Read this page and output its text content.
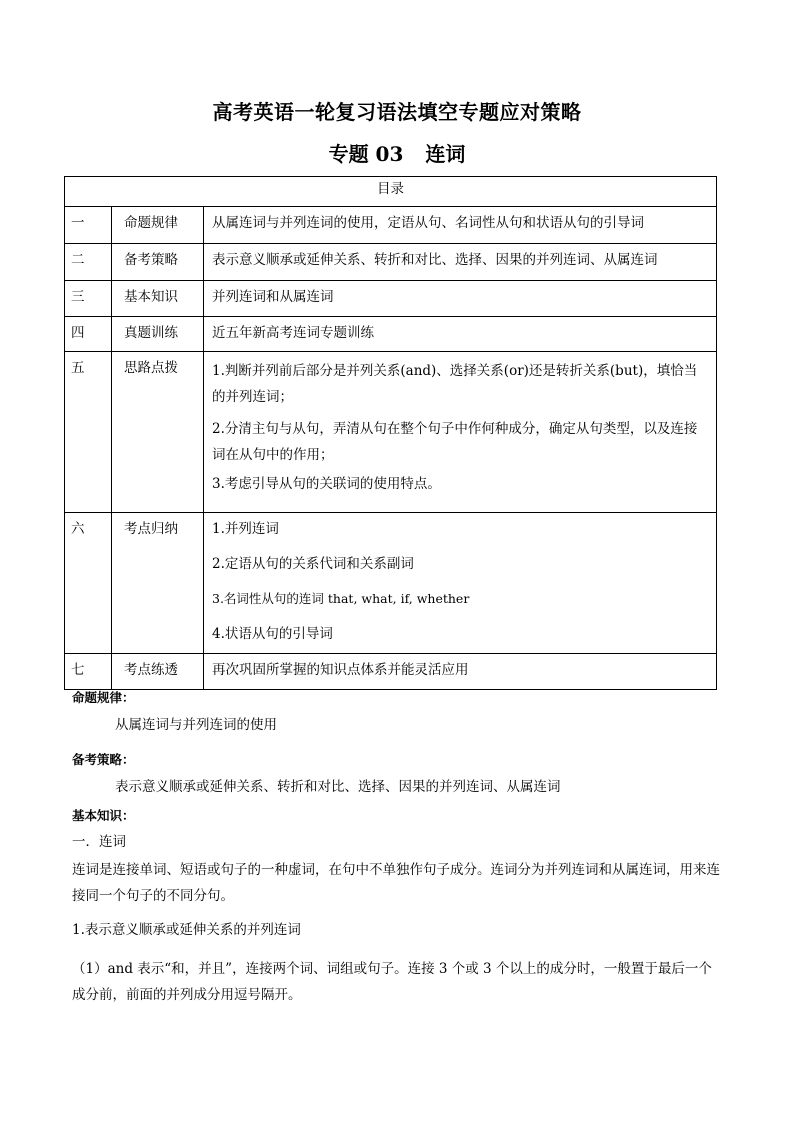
高考英语一轮复习语法填空专题应对策略
专题 03 连词
目录		
一	命题规律	从属连词与并列连词的使用，定语从句、名词性从句和状语从句的引导词

二	备考策略	表示意义顺承或延伸关系、转折和对比、选择、因果的并列连词、从属连词

三	基本知识	并列连词和从属连词

四	真题训练	近五年新高考连词专题训练

五	思路点拨	1.判断并列前后部分是并列关系(and)、选择关系(or)还是转折关系(but)，填恰当的并列连词；

2.分清主句与从句，弄清从句在整个句子中作何种成分，确定从句类型，以及连接词在从句中的作用；

3.考虑引导从句的关联词的使用特点。

六	考点归纳	1.并列连词

2.定语从句的关系代词和关系副词

3.名词性从句的连词 that, what, if, whether

4.状语从句的引导词

七	考点练透	再次巩固所掌握的知识点体系并能灵活应用

命题规律：
从属连词与并列连词的使用
备考策略：
表示意义顺承或延伸关系、转折和对比、选择、因果的并列连词、从属连词
基本知识：
一．连词
连词是连接单词、短语或句子的一种虚词，在句中不单独作句子成分。连词分为并列连词和从属连词，用来连接同一个句子的不同分句。
1.表示意义顺承或延伸关系的并列连词
（1）and 表示“和，并且”，连接两个词、词组或句子。连接 3 个或 3 个以上的成分时，一般置于最后一个成分前，前面的并列成分用逗号隔开。
